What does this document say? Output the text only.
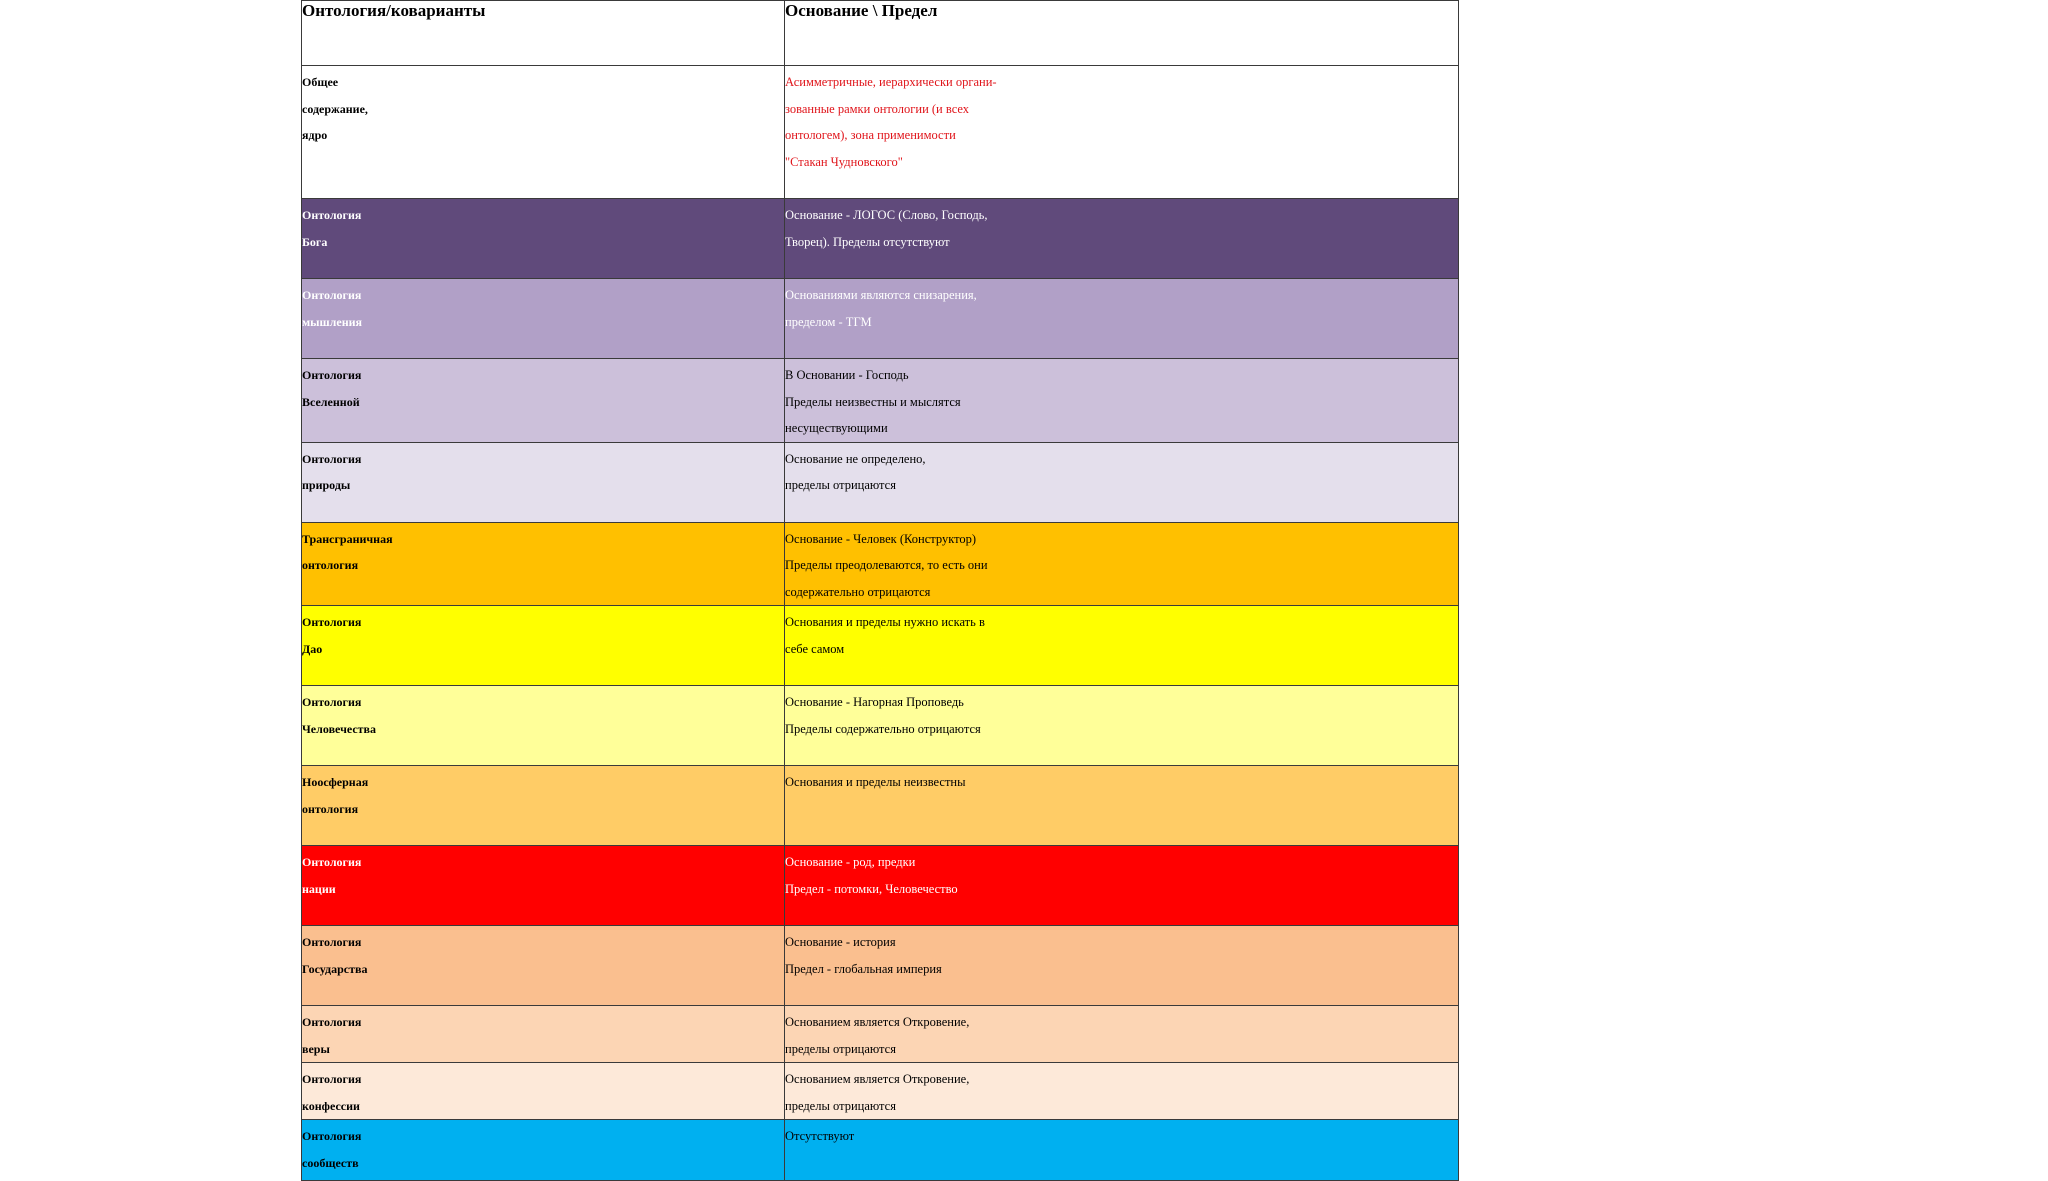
Онтология/коварианты	Основание \ Предел

Общее
содержание,
ядро	Асимметричные, иерархически органи-
зованные рамки онтологии (и всех
онтологем), зона применимости
"Стакан Чудновского"

Онтология
Бога	Основание - ЛОГОС (Слово, Господь,
Творец). Пределы отсутствуют

Онтология
мышления	Основаниями являются снизарения,
пределом - ТГМ

Онтология
Вселенной	В Основании - Господь
Пределы неизвестны и мыслятся
несуществующими

Онтология
природы	Основание не определено,
пределы отрицаются

Трансграничная
онтология	Основание - Человек (Конструктор)
Пределы преодолеваются, то есть они
содержательно отрицаются

Онтология
Дао	Основания и пределы нужно искать в
себе самом

Онтология
Человечества	Основание - Нагорная Проповедь
Пределы содержательно отрицаются

Ноосферная
онтология	Основания и пределы неизвестны

Онтология
нации	Основание - род, предки
Предел - потомки, Человечество

Онтология
Государства	Основание - история
Предел - глобальная империя

Онтология
веры	Основанием является Откровение,
пределы отрицаются

Онтология
конфессии	Основанием является Откровение,
пределы отрицаются

Онтология
сообществ	Отсутствуют
